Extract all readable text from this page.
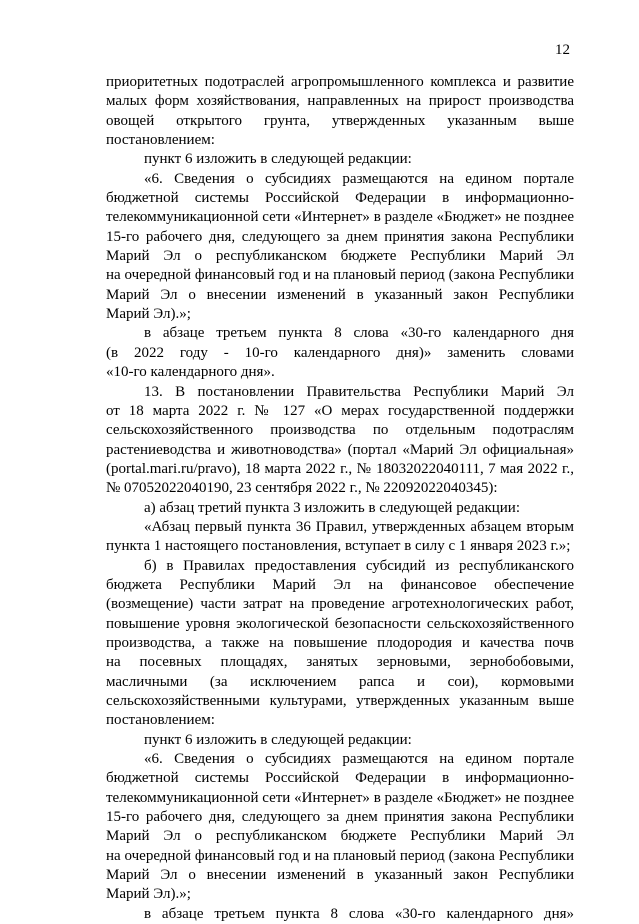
12
приоритетных подотраслей агропромышленного комплекса и развитие
малых форм хозяйствования, направленных на прирост производства
овощей открытого грунта, утвержденных указанным выше
постановлением:
пункт 6 изложить в следующей редакции:
«6. Сведения о субсидиях размещаются на едином портале
бюджетной системы Российской Федерации в информационно-
телекоммуникационной сети «Интернет» в разделе «Бюджет» не позднее
15-го рабочего дня, следующего за днем принятия закона Республики
Марий Эл о республиканском бюджете Республики Марий Эл
на очередной финансовый год и на плановый период (закона Республики
Марий Эл о внесении изменений в указанный закон Республики
Марий Эл).»;
в абзаце третьем пункта 8 слова «30-го календарного дня
(в 2022 году - 10-го календарного дня)» заменить словами
«10-го календарного дня».
13. В постановлении Правительства Республики Марий Эл
от 18 марта 2022 г. № 127 «О мерах государственной поддержки
сельскохозяйственного производства по отдельным подотраслям
растениеводства и животноводства» (портал «Марий Эл официальная»
(portal.mari.ru/pravo), 18 марта 2022 г., № 18032022040111, 7 мая 2022 г.,
№ 07052022040190, 23 сентября 2022 г., № 22092022040345):
а) абзац третий пункта 3 изложить в следующей редакции:
«Абзац первый пункта 36 Правил, утвержденных абзацем вторым
пункта 1 настоящего постановления, вступает в силу с 1 января 2023 г.»;
б) в Правилах предоставления субсидий из республиканского
бюджета Республики Марий Эл на финансовое обеспечение
(возмещение) части затрат на проведение агротехнологических работ,
повышение уровня экологической безопасности сельскохозяйственного
производства, а также на повышение плодородия и качества почв
на посевных площадях, занятых зерновыми, зернобобовыми,
масличными (за исключением рапса и сои), кормовыми
сельскохозяйственными культурами, утвержденных указанным выше
постановлением:
пункт 6 изложить в следующей редакции:
«6. Сведения о субсидиях размещаются на едином портале
бюджетной системы Российской Федерации в информационно-
телекоммуникационной сети «Интернет» в разделе «Бюджет» не позднее
15-го рабочего дня, следующего за днем принятия закона Республики
Марий Эл о республиканском бюджете Республики Марий Эл
на очередной финансовый год и на плановый период (закона Республики
Марий Эл о внесении изменений в указанный закон Республики
Марий Эл).»;
в абзаце третьем пункта 8 слова «30-го календарного дня»
